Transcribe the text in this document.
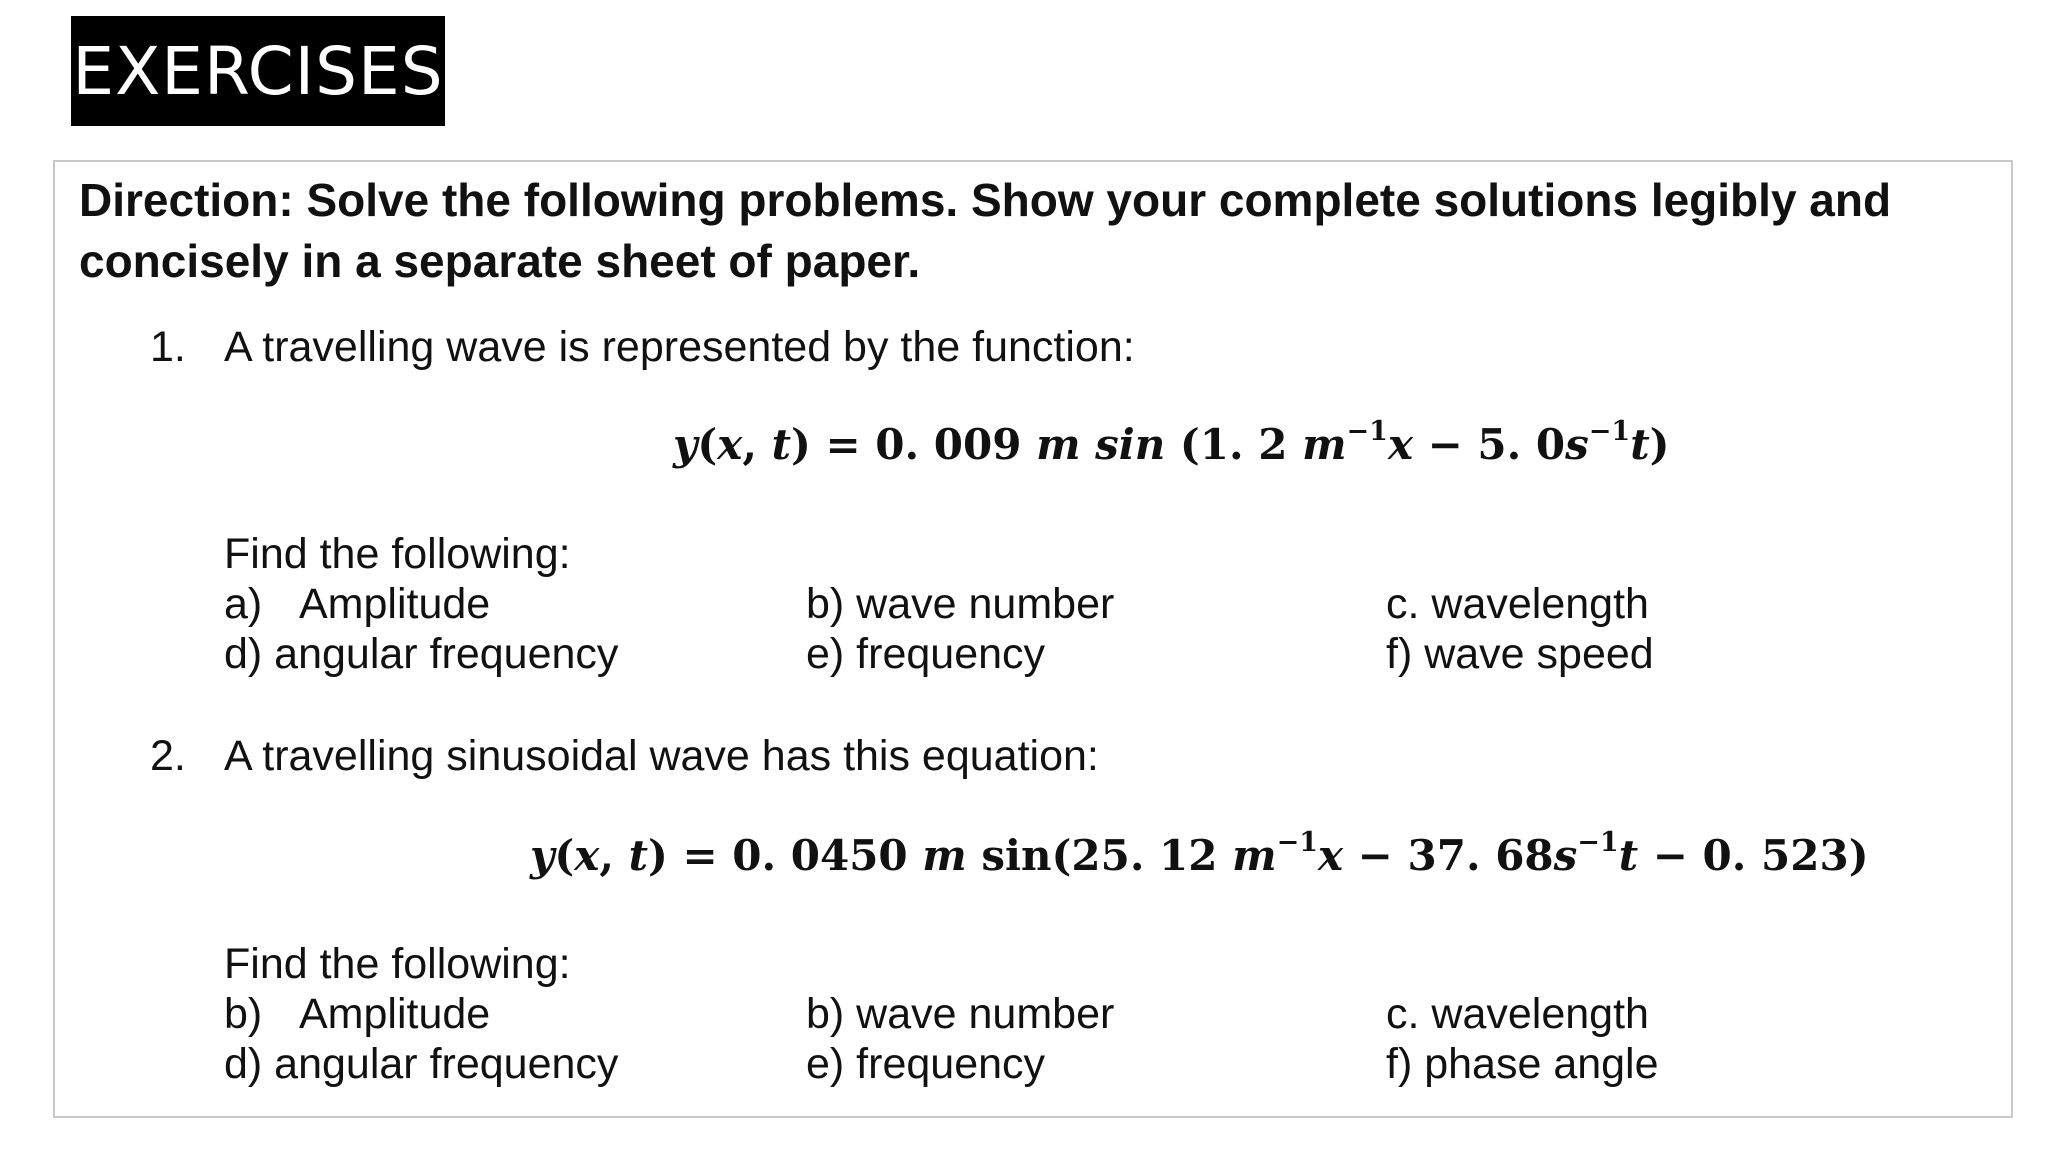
EXERCISES
Direction: Solve the following problems. Show your complete solutions legibly and concisely in a separate sheet of paper.
1. A travelling wave is represented by the function:
y(x, t) = 0. 009 m sin (1. 2 $m^{-1}x - 5$. $0s^{-1}t$)
Find the following:
a) Amplitude	b) wave number	c. wavelength
d) angular frequency	e) frequency	f) wave speed
2. A travelling sinusoidal wave has this equation:
y(x, t) = 0. 0450 m sin(25. 12 $m^{-1}x - 37$. $68s^{-1}t - 0$. 523)
Find the following:
b) Amplitude	b) wave number	c. wavelength
d) angular frequency	e) frequency	f) phase angle
